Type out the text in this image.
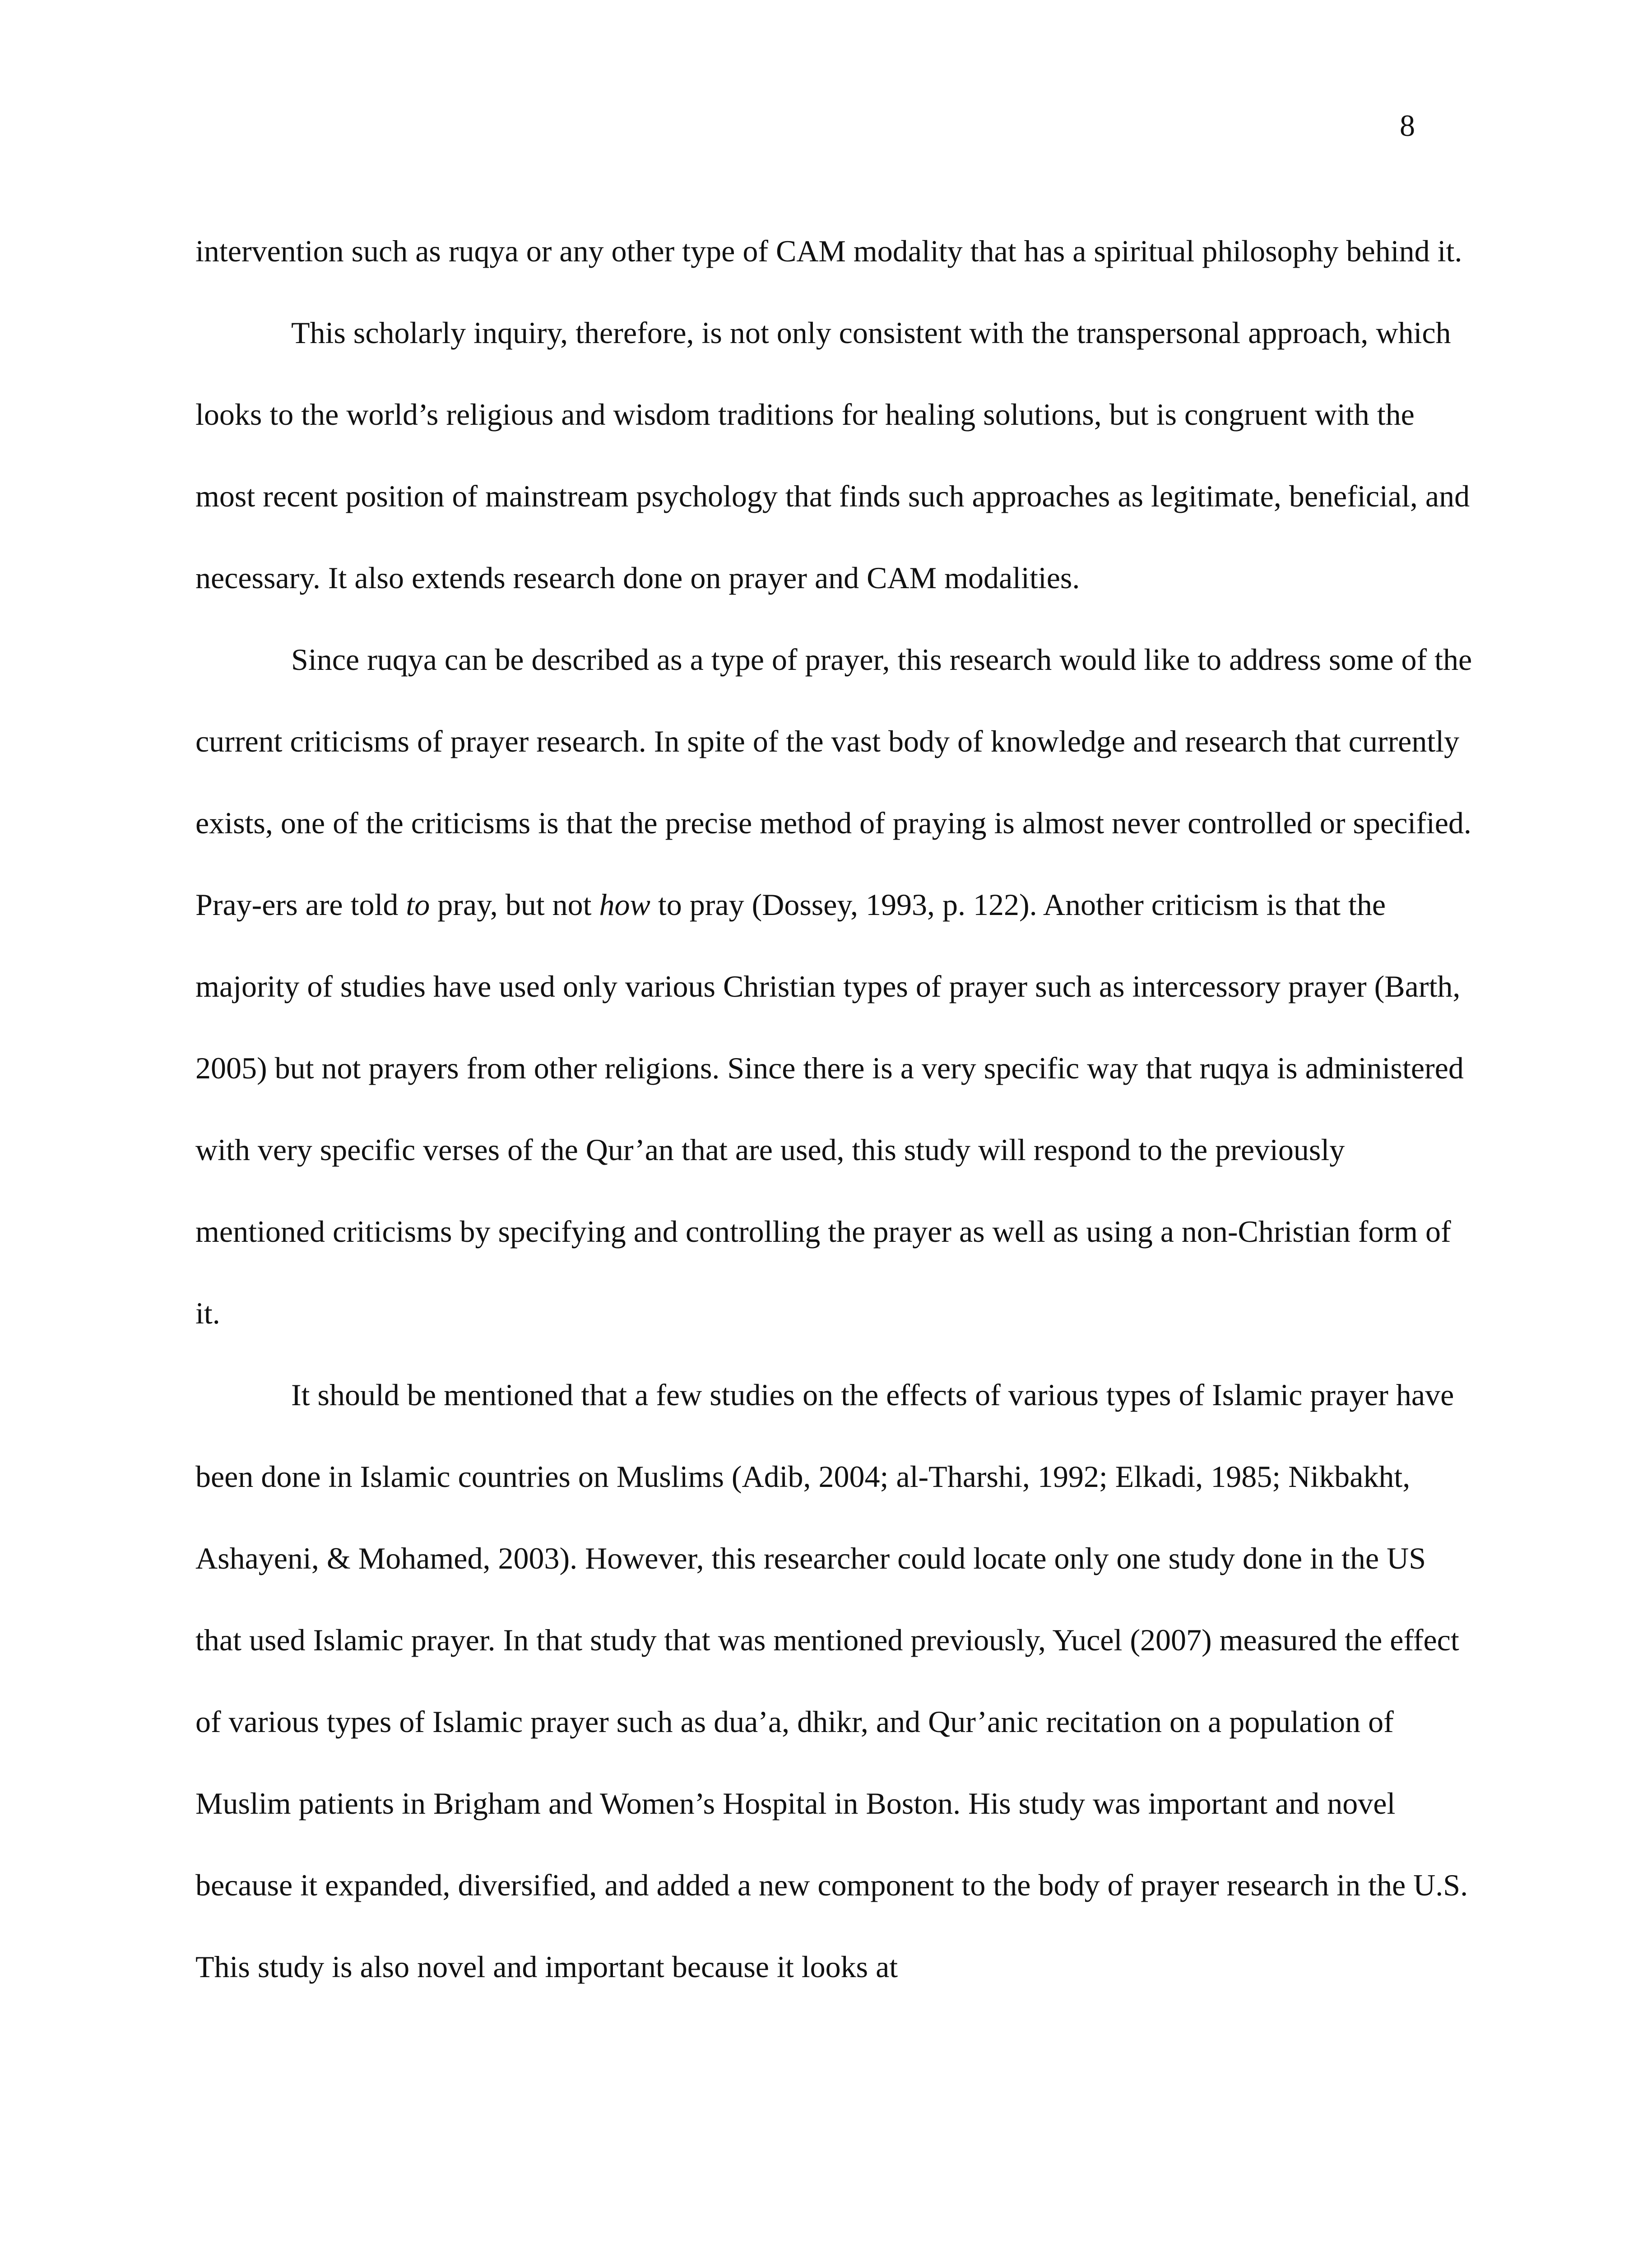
8

intervention such as ruqya or any other type of CAM modality that has a spiritual philosophy behind it.

This scholarly inquiry, therefore, is not only consistent with the transpersonal approach, which looks to the world’s religious and wisdom traditions for healing solutions, but is congruent with the most recent position of mainstream psychology that finds such approaches as legitimate, beneficial, and necessary. It also extends research done on prayer and CAM modalities.

Since ruqya can be described as a type of prayer, this research would like to address some of the current criticisms of prayer research. In spite of the vast body of knowledge and research that currently exists, one of the criticisms is that the precise method of praying is almost never controlled or specified. Pray-ers are told to pray, but not how to pray (Dossey, 1993, p. 122). Another criticism is that the majority of studies have used only various Christian types of prayer such as intercessory prayer (Barth, 2005) but not prayers from other religions. Since there is a very specific way that ruqya is administered with very specific verses of the Qur’an that are used, this study will respond to the previously mentioned criticisms by specifying and controlling the prayer as well as using a non-Christian form of it.

It should be mentioned that a few studies on the effects of various types of Islamic prayer have been done in Islamic countries on Muslims (Adib, 2004; al-Tharshi, 1992; Elkadi, 1985; Nikbakht, Ashayeni, & Mohamed, 2003). However, this researcher could locate only one study done in the US that used Islamic prayer. In that study that was mentioned previously, Yucel (2007) measured the effect of various types of Islamic prayer such as dua’a, dhikr, and Qur’anic recitation on a population of Muslim patients in Brigham and Women’s Hospital in Boston. His study was important and novel because it expanded, diversified, and added a new component to the body of prayer research in the U.S. This study is also novel and important because it looks at
